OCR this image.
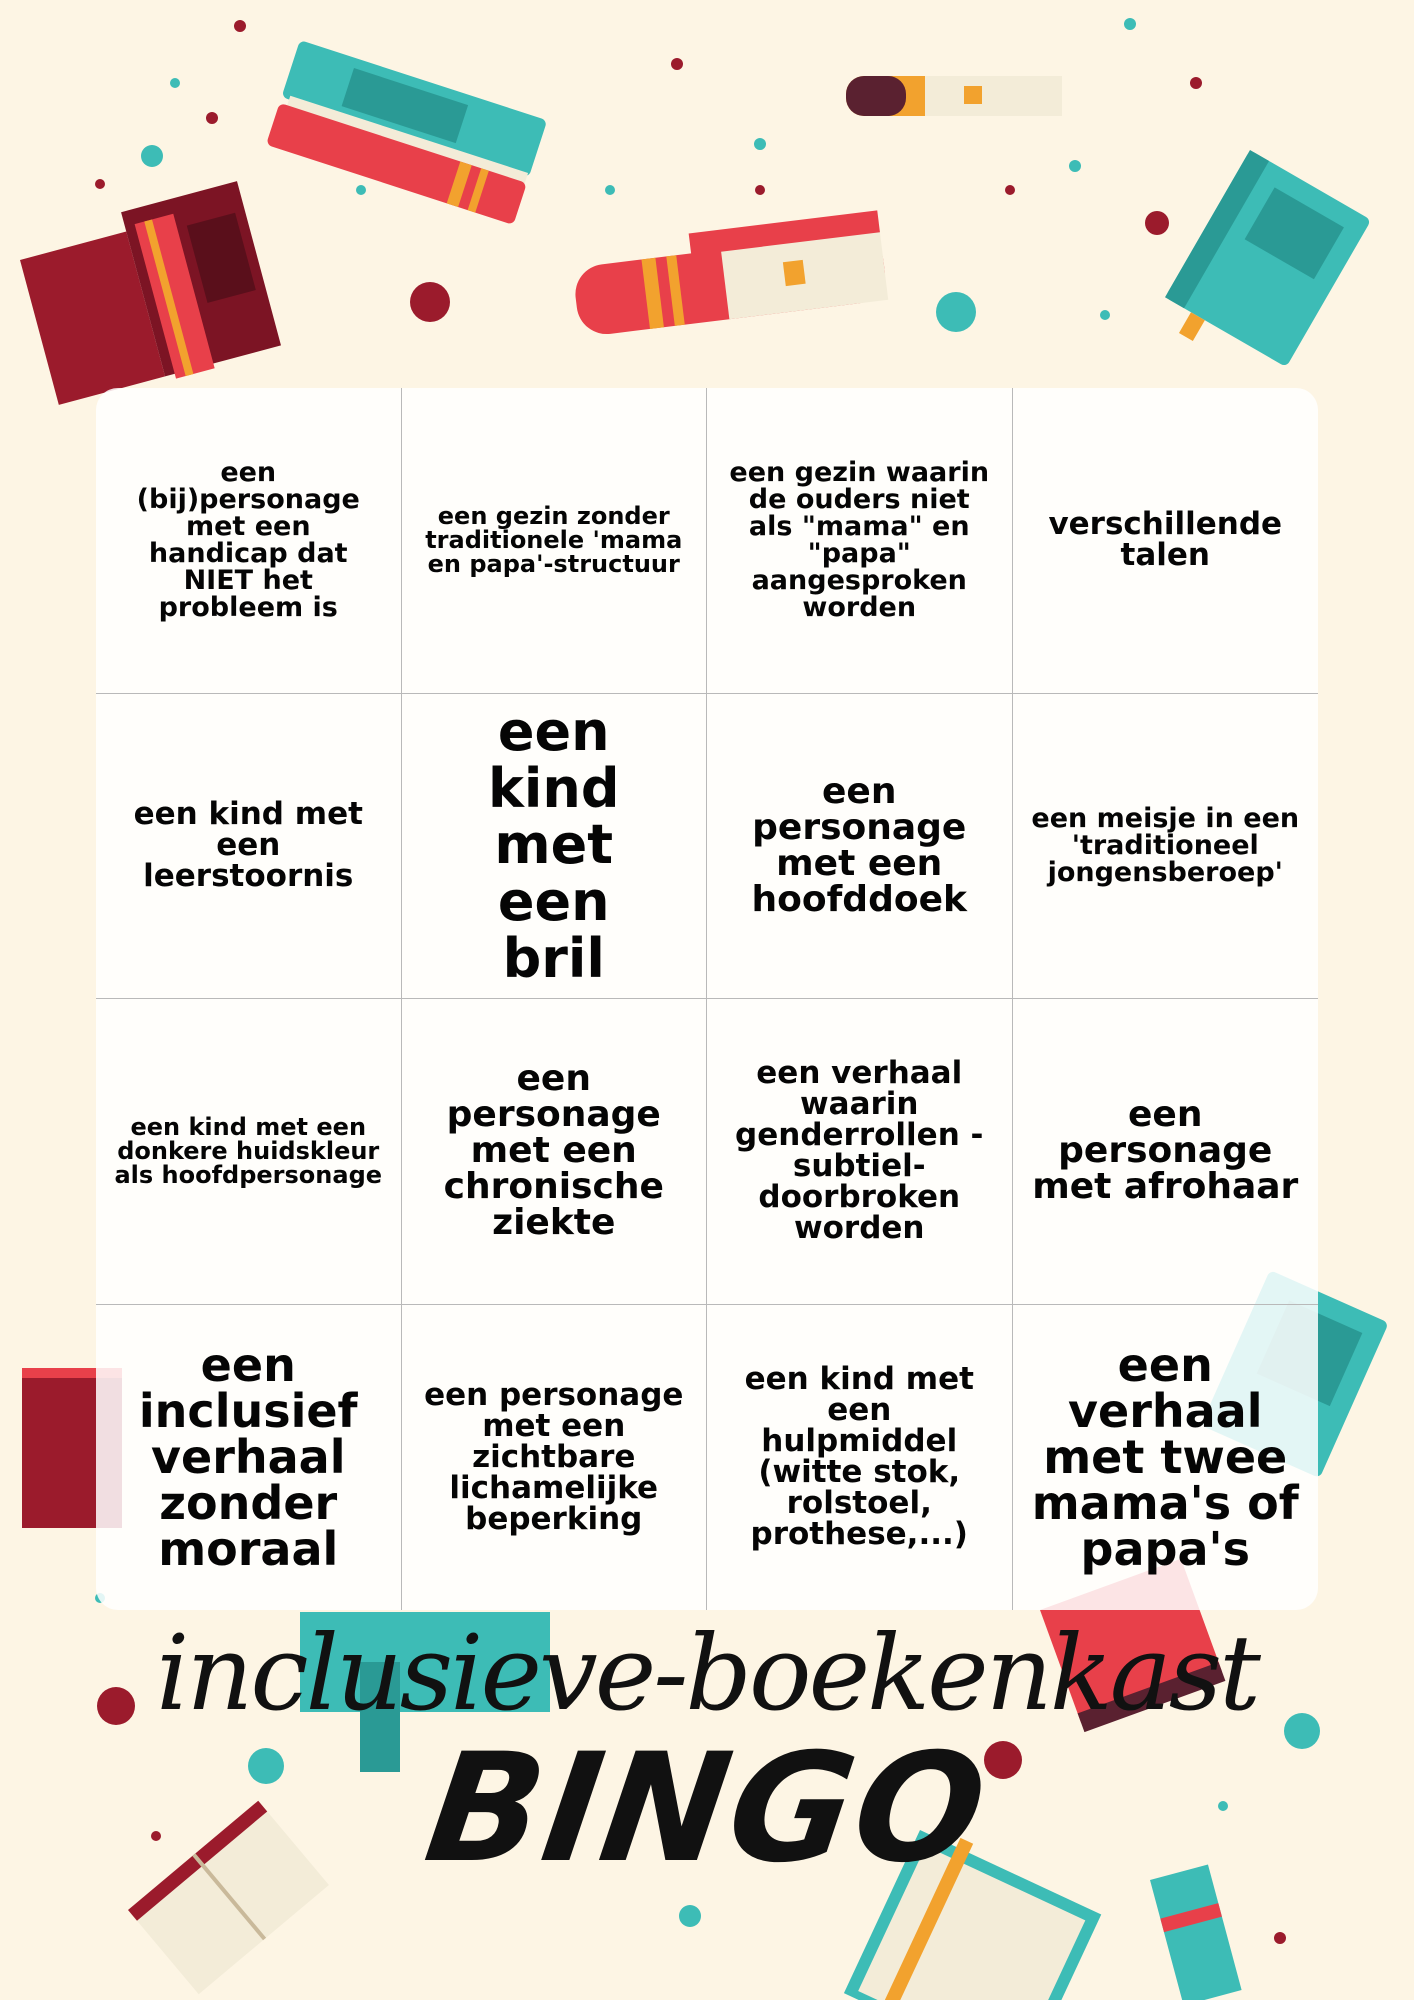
een (bij)personage met een handicap dat NIET het probleem is
een gezin zonder traditionele 'mama en papa'-structuur
een gezin waarin de ouders niet als "mama" en "papa" aangesproken worden
verschillende talen
een kind met een leerstoornis
een kind met een bril
een personage met een hoofddoek
een meisje in een 'traditioneel jongensberoep'
een kind met een donkere huidskleur als hoofdpersonage
een personage met een chronische ziekte
een verhaal waarin genderrollen -subtiel- doorbroken worden
een personage met afrohaar
een inclusief verhaal zonder moraal
een personage met een zichtbare lichamelijke beperking
een kind met een hulpmiddel (witte stok, rolstoel, prothese,...)
een verhaal met twee mama's of papa's
inclusieve-boekenkast
BINGO
